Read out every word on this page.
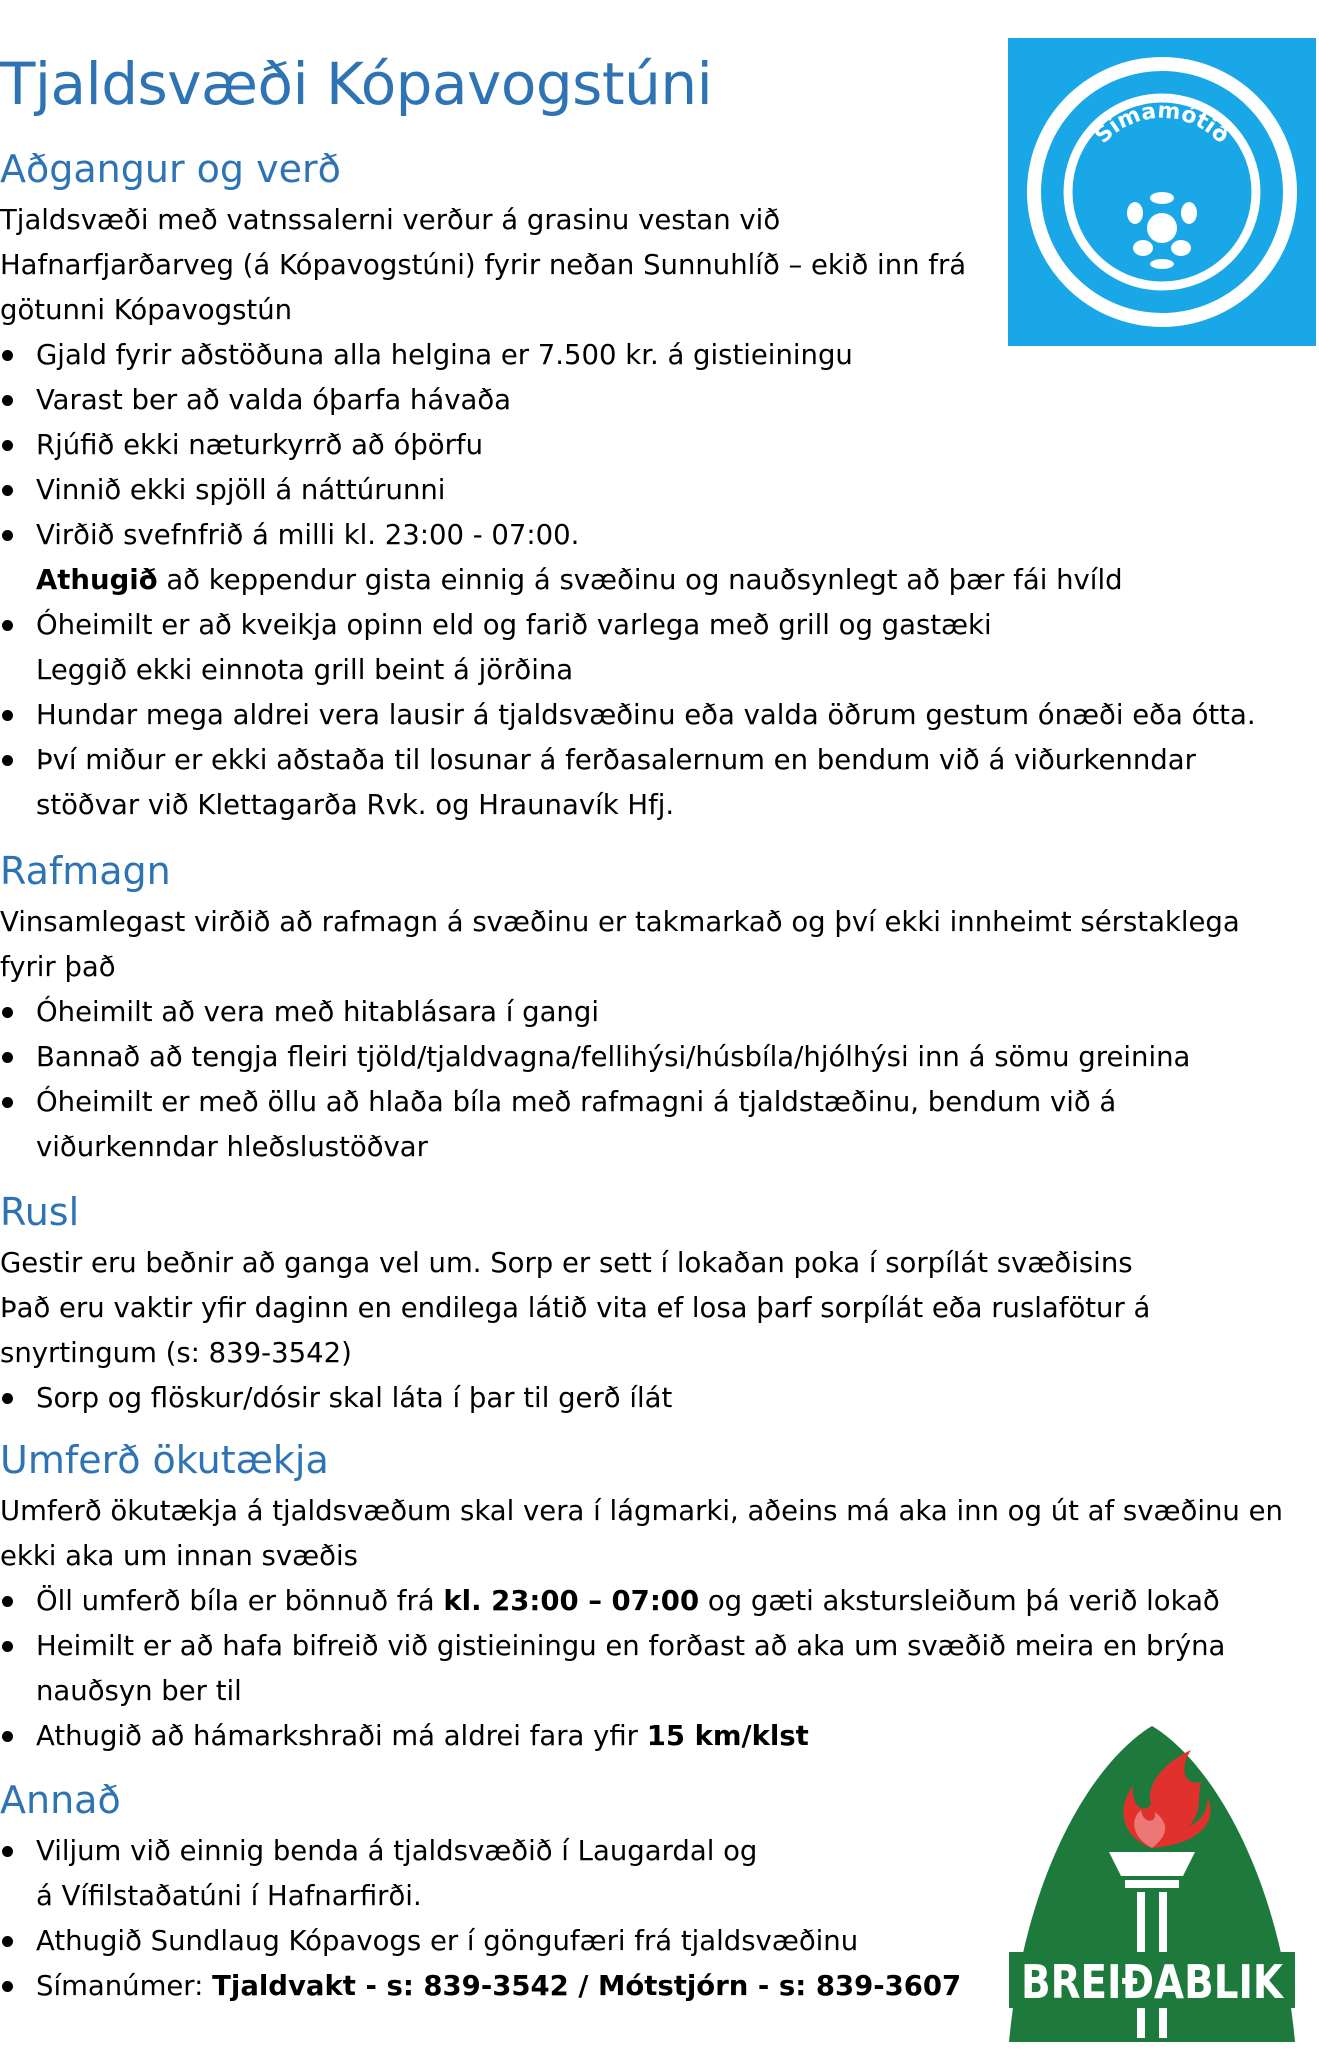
Tjaldsvæði Kópavogstúni
Símamótið
Aðgangur og verð
Tjaldsvæði með vatnssalerni verður á grasinu vestan við
Hafnarfjarðarveg (á Kópavogstúni) fyrir neðan Sunnuhlíð – ekið inn frá
götunni Kópavogstún
Gjald fyrir aðstöðuna alla helgina er 7.500 kr. á gistieiningu
Varast ber að valda óþarfa hávaða
Rjúfið ekki næturkyrrð að óþörfu
Vinnið ekki spjöll á náttúrunni
Virðið svefnfrið á milli kl. 23:00 - 07:00.
Athugið að keppendur gista einnig á svæðinu og nauðsynlegt að þær fái hvíld
Óheimilt er að kveikja opinn eld og farið varlega með grill og gastæki
Leggið ekki einnota grill beint á jörðina
Hundar mega aldrei vera lausir á tjaldsvæðinu eða valda öðrum gestum ónæði eða ótta.
Því miður er ekki aðstaða til losunar á ferðasalernum en bendum við á viðurkenndar
stöðvar við Klettagarða Rvk. og Hraunavík Hfj.
Rafmagn
Vinsamlegast virðið að rafmagn á svæðinu er takmarkað og því ekki innheimt sérstaklega
fyrir það
Óheimilt að vera með hitablásara í gangi
Bannað að tengja fleiri tjöld/tjaldvagna/fellihýsi/húsbíla/hjólhýsi inn á sömu greinina
Óheimilt er með öllu að hlaða bíla með rafmagni á tjaldstæðinu, bendum við á
viðurkenndar hleðslustöðvar
Rusl
Gestir eru beðnir að ganga vel um. Sorp er sett í lokaðan poka í sorpílát svæðisins
Það eru vaktir yfir daginn en endilega látið vita ef losa þarf sorpílát eða ruslafötur á
snyrtingum (s: 839-3542)
Sorp og flöskur/dósir skal láta í þar til gerð ílát
Umferð ökutækja
Umferð ökutækja á tjaldsvæðum skal vera í lágmarki, aðeins má aka inn og út af svæðinu en
ekki aka um innan svæðis
Öll umferð bíla er bönnuð frá kl. 23:00 – 07:00 og gæti akstursleiðum þá verið lokað
Heimilt er að hafa bifreið við gistieiningu en forðast að aka um svæðið meira en brýna
nauðsyn ber til
Athugið að hámarkshraði má aldrei fara yfir 15 km/klst
Annað
Viljum við einnig benda á tjaldsvæðið í Laugardal og
á Vífilstaðatúni í Hafnarfirði.
Athugið Sundlaug Kópavogs er í göngufæri frá tjaldsvæðinu
Símanúmer: Tjaldvakt - s: 839-3542 / Mótstjórn - s: 839-3607	BREIÐABLIK
